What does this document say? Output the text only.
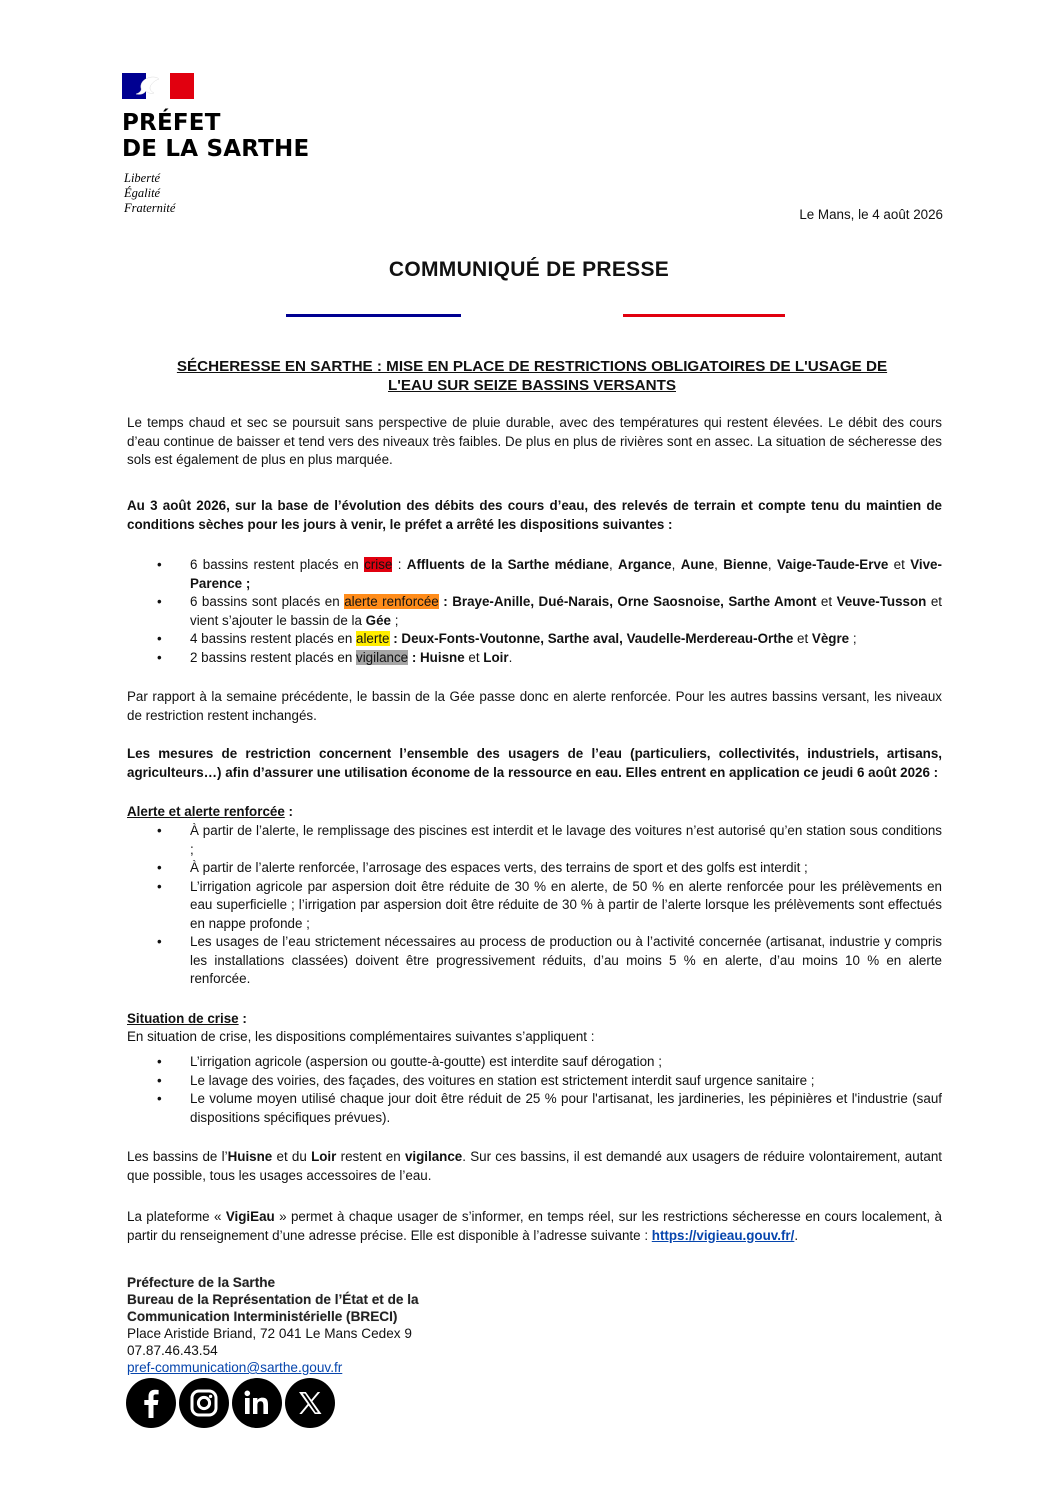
PRÉFET
DE LA SARTHE
Liberté
Égalité
Fraternité	Le Mans, le 4 août 2026
COMMUNIQUÉ DE PRESSE
SÉCHERESSE EN SARTHE : MISE EN PLACE DE RESTRICTIONS OBLIGATOIRES DE L'USAGE DE
L'EAU SUR SEIZE BASSINS VERSANTS
Le temps chaud et sec se poursuit sans perspective de pluie durable, avec des températures qui restent élevées. Le débit des cours d’eau continue de baisser et tend vers des niveaux très faibles. De plus en plus de rivières sont en assec. La situation de sécheresse des sols est également de plus en plus marquée.
Au 3 août 2026, sur la base de l’évolution des débits des cours d’eau, des relevés de terrain et compte tenu du maintien de conditions sèches pour les jours à venir, le préfet a arrêté les dispositions suivantes :
• 6 bassins restent placés en crise : Affluents de la Sarthe médiane, Argance, Aune, Bienne, Vaige-Taude-Erve et Vive-Parence ;
• 6 bassins sont placés en alerte renforcée : Braye-Anille, Dué-Narais, Orne Saosnoise, Sarthe Amont et Veuve-Tusson et vient s’ajouter le bassin de la Gée ;
• 4 bassins restent placés en alerte : Deux-Fonts-Voutonne, Sarthe aval, Vaudelle-Merdereau-Orthe et Vègre ;
• 2 bassins restent placés en vigilance : Huisne et Loir.
Par rapport à la semaine précédente, le bassin de la Gée passe donc en alerte renforcée. Pour les autres bassins versant, les niveaux de restriction restent inchangés.
Les mesures de restriction concernent l’ensemble des usagers de l’eau (particuliers, collectivités, industriels, artisans, agriculteurs…) afin d’assurer une utilisation économe de la ressource en eau. Elles entrent en application ce jeudi 6 août 2026 :
Alerte et alerte renforcée :
• À partir de l’alerte, le remplissage des piscines est interdit et le lavage des voitures n’est autorisé qu’en station sous conditions ;
• À partir de l’alerte renforcée, l’arrosage des espaces verts, des terrains de sport et des golfs est interdit ;
• L’irrigation agricole par aspersion doit être réduite de 30 % en alerte, de 50 % en alerte renforcée pour les prélèvements en eau superficielle ; l’irrigation par aspersion doit être réduite de 30 % à partir de l’alerte lorsque les prélèvements sont effectués en nappe profonde ;
• Les usages de l’eau strictement nécessaires au process de production ou à l’activité concernée (artisanat, industrie y compris les installations classées) doivent être progressivement réduits, d’au moins 5 % en alerte, d’au moins 10 % en alerte renforcée.
Situation de crise :
En situation de crise, les dispositions complémentaires suivantes s’appliquent :
• L’irrigation agricole (aspersion ou goutte-à-goutte) est interdite sauf dérogation ;
• Le lavage des voiries, des façades, des voitures en station est strictement interdit sauf urgence sanitaire ;
• Le volume moyen utilisé chaque jour doit être réduit de 25 % pour l'artisanat, les jardineries, les pépinières et l'industrie (sauf dispositions spécifiques prévues).
Les bassins de l’Huisne et du Loir restent en vigilance. Sur ces bassins, il est demandé aux usagers de réduire volontairement, autant que possible, tous les usages accessoires de l’eau.
La plateforme « VigiEau » permet à chaque usager de s’informer, en temps réel, sur les restrictions sécheresse en cours localement, à partir du renseignement d’une adresse précise. Elle est disponible à l’adresse suivante : https://vigieau.gouv.fr/.
Préfecture de la Sarthe
Bureau de la Représentation de l’État et de la
Communication Interministérielle (BRECI)
Place Aristide Briand, 72 041 Le Mans Cedex 9
07.87.46.43.54
pref-communication@sarthe.gouv.fr
